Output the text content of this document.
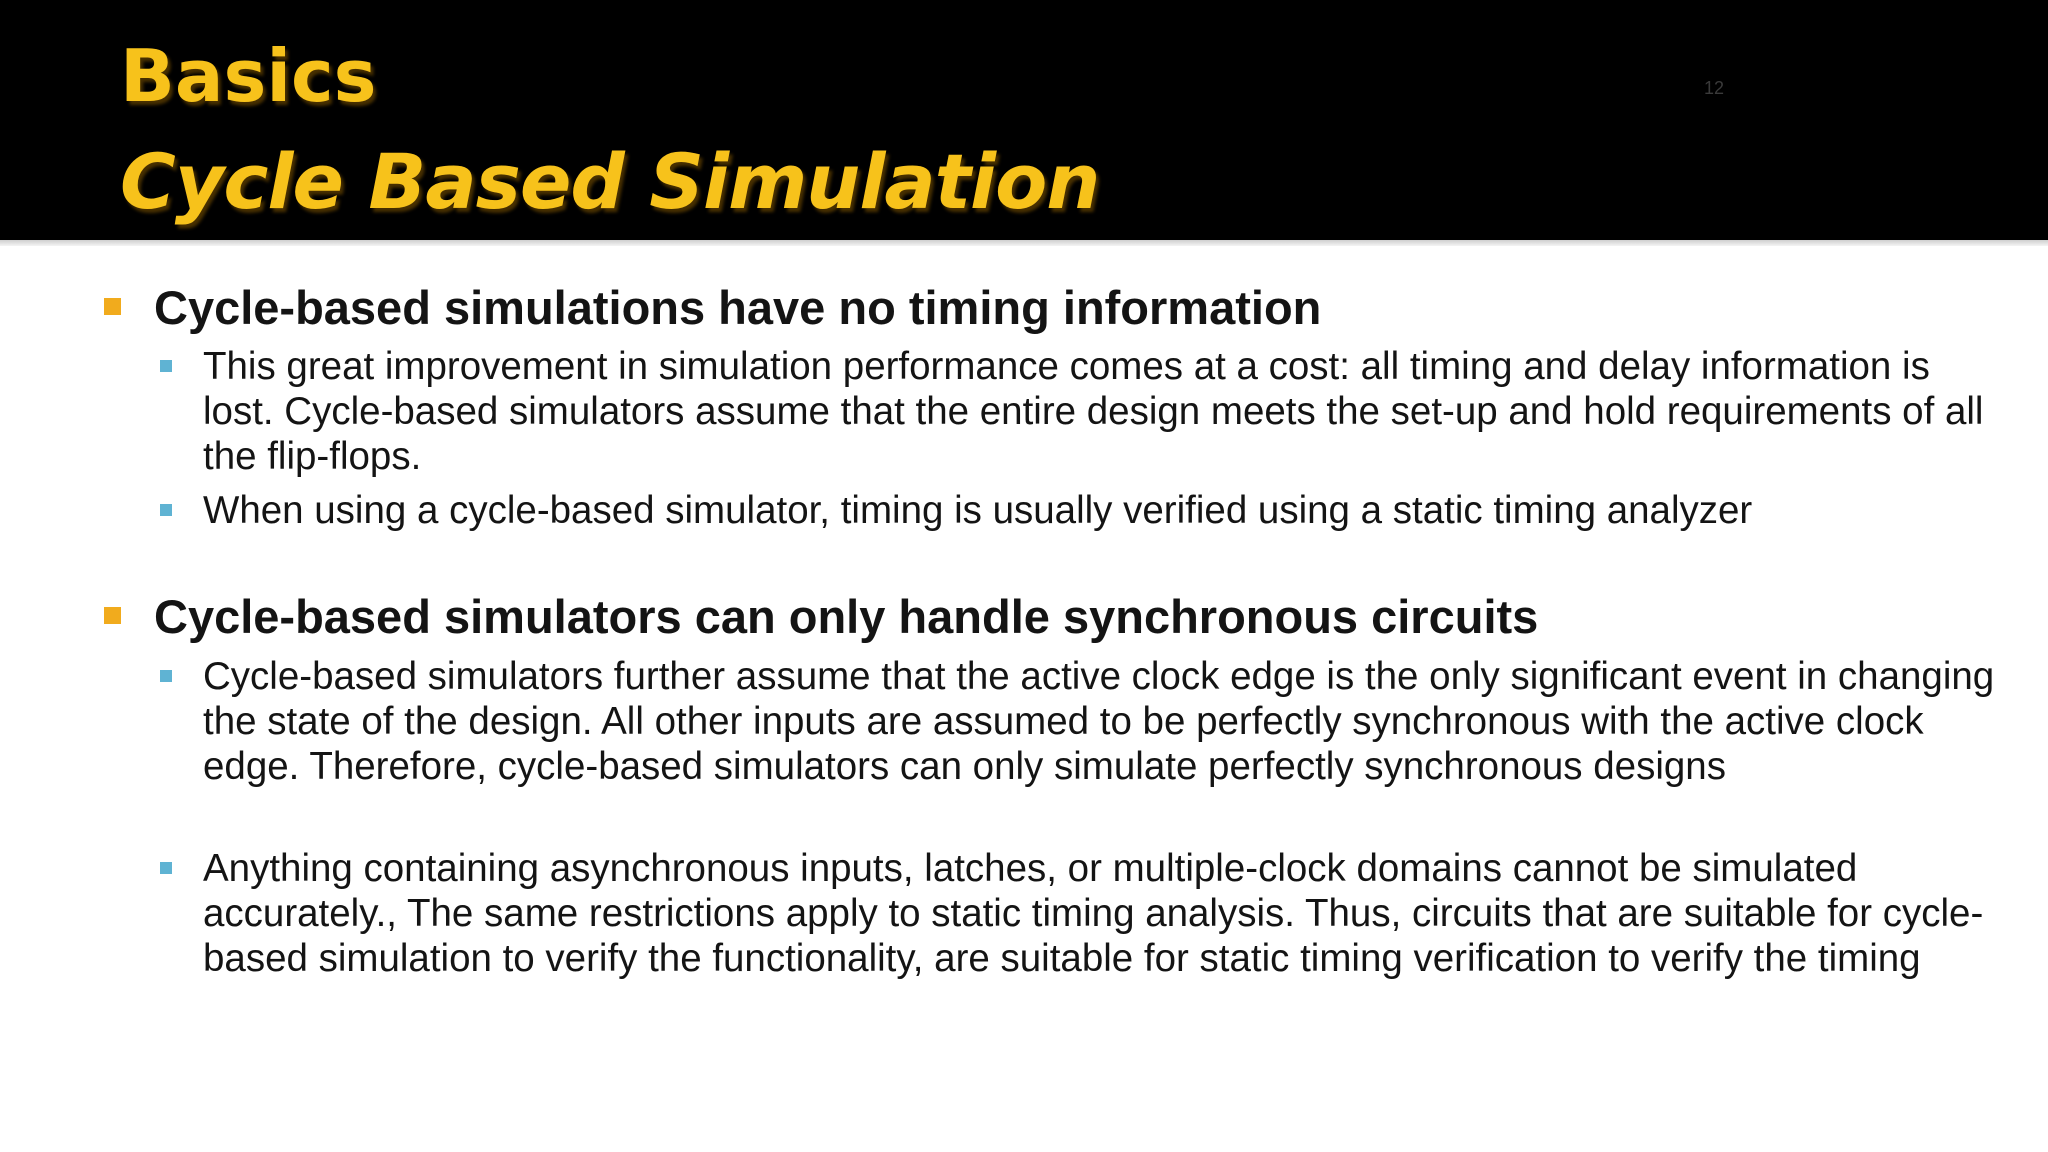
Basics
Cycle Based Simulation
12
Cycle-based simulations have no timing information
This great improvement in simulation performance comes at a cost: all timing and delay information is lost. Cycle-based simulators assume that the entire design meets the set-up and hold requirements of all the flip-flops.
When using a cycle-based simulator, timing is usually verified using a static timing analyzer
Cycle-based simulators can only handle synchronous circuits
Cycle-based simulators further assume that the active clock edge is the only significant event in changing the state of the design. All other inputs are assumed to be perfectly synchronous with the active clock edge. Therefore, cycle-based simulators can only simulate perfectly synchronous designs
Anything containing asynchronous inputs, latches, or multiple-clock domains cannot be simulated accurately., The same restrictions apply to static timing analysis. Thus, circuits that are suitable for cycle-based simulation to verify the functionality, are suitable for static timing verification to verify the timing
